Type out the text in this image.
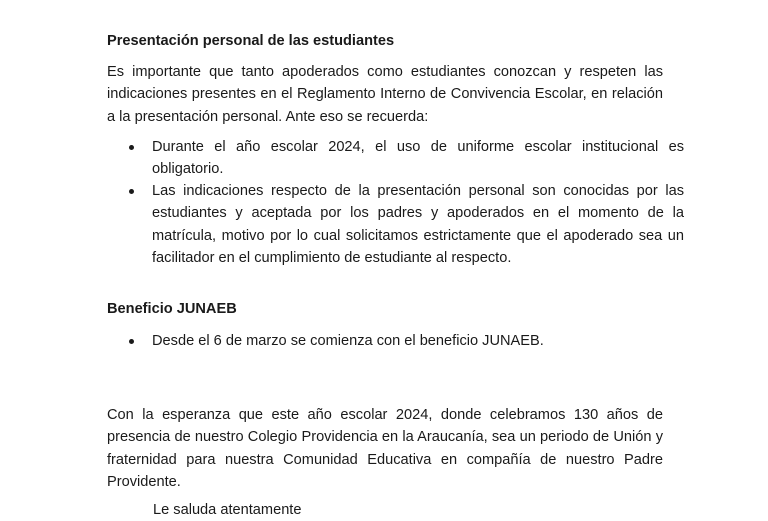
Presentación personal de las estudiantes
Es importante que tanto apoderados como estudiantes conozcan y respeten las indicaciones presentes en el Reglamento Interno de Convivencia Escolar, en relación a la presentación personal. Ante eso se recuerda:
Durante el año escolar 2024, el uso de uniforme escolar institucional es obligatorio.
Las indicaciones respecto de la presentación personal son conocidas por las estudiantes y aceptada por los padres y apoderados en el momento de la matrícula, motivo por lo cual solicitamos estrictamente que el apoderado sea un facilitador en el cumplimiento de estudiante al respecto.
Beneficio JUNAEB
Desde el 6 de marzo se comienza con el beneficio JUNAEB.
Con la esperanza que este año escolar 2024, donde celebramos 130 años de presencia de nuestro Colegio Providencia en la Araucanía, sea un periodo de Unión y fraternidad para nuestra Comunidad Educativa en compañía de nuestro Padre Providente.
Le saluda atentamente
